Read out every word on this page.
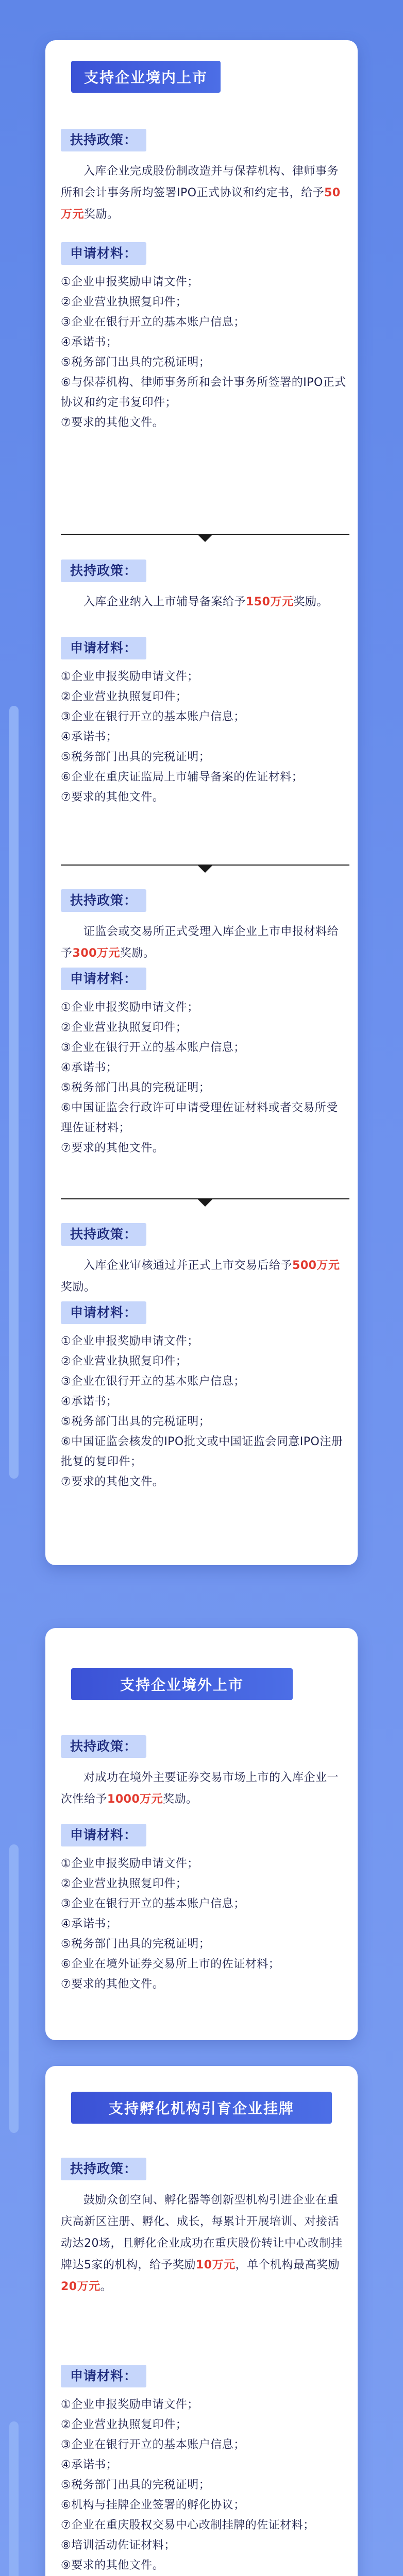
支持企业境内上市
扶持政策：
入库企业完成股份制改造并与保荐机构、律师事务所和会计事务所均签署IPO正式协议和约定书，给予50万元奖励。
申请材料：
①企业申报奖励申请文件；
②企业营业执照复印件；
③企业在银行开立的基本账户信息；
④承诺书；
⑤税务部门出具的完税证明；
⑥与保荐机构、律师事务所和会计事务所签署的IPO正式协议和约定书复印件；
⑦要求的其他文件。
扶持政策：
入库企业纳入上市辅导备案给予150万元奖励。
申请材料：
①企业申报奖励申请文件；
②企业营业执照复印件；
③企业在银行开立的基本账户信息；
④承诺书；
⑤税务部门出具的完税证明；
⑥企业在重庆证监局上市辅导备案的佐证材料；
⑦要求的其他文件。
扶持政策：
证监会或交易所正式受理入库企业上市申报材料给予300万元奖励。
申请材料：
①企业申报奖励申请文件；
②企业营业执照复印件；
③企业在银行开立的基本账户信息；
④承诺书；
⑤税务部门出具的完税证明；
⑥中国证监会行政许可申请受理佐证材料或者交易所受理佐证材料；
⑦要求的其他文件。
扶持政策：
入库企业审核通过并正式上市交易后给予500万元奖励。
申请材料：
①企业申报奖励申请文件；
②企业营业执照复印件；
③企业在银行开立的基本账户信息；
④承诺书；
⑤税务部门出具的完税证明；
⑥中国证监会核发的IPO批文或中国证监会同意IPO注册批复的复印件；
⑦要求的其他文件。
支持企业境外上市
扶持政策：
对成功在境外主要证券交易市场上市的入库企业一次性给予1000万元奖励。
申请材料：
①企业申报奖励申请文件；
②企业营业执照复印件；
③企业在银行开立的基本账户信息；
④承诺书；
⑤税务部门出具的完税证明；
⑥企业在境外证券交易所上市的佐证材料；
⑦要求的其他文件。
支持孵化机构引育企业挂牌
扶持政策：
鼓励众创空间、孵化器等创新型机构引进企业在重庆高新区注册、孵化、成长，每累计开展培训、对接活动达20场，且孵化企业成功在重庆股份转让中心改制挂牌达5家的机构，给予奖励10万元，单个机构最高奖励20万元。
申请材料：
①企业申报奖励申请文件；
②企业营业执照复印件；
③企业在银行开立的基本账户信息；
④承诺书；
⑤税务部门出具的完税证明；
⑥机构与挂牌企业签署的孵化协议；
⑦企业在重庆股权交易中心改制挂牌的佐证材料；
⑧培训活动佐证材料；
⑨要求的其他文件。
